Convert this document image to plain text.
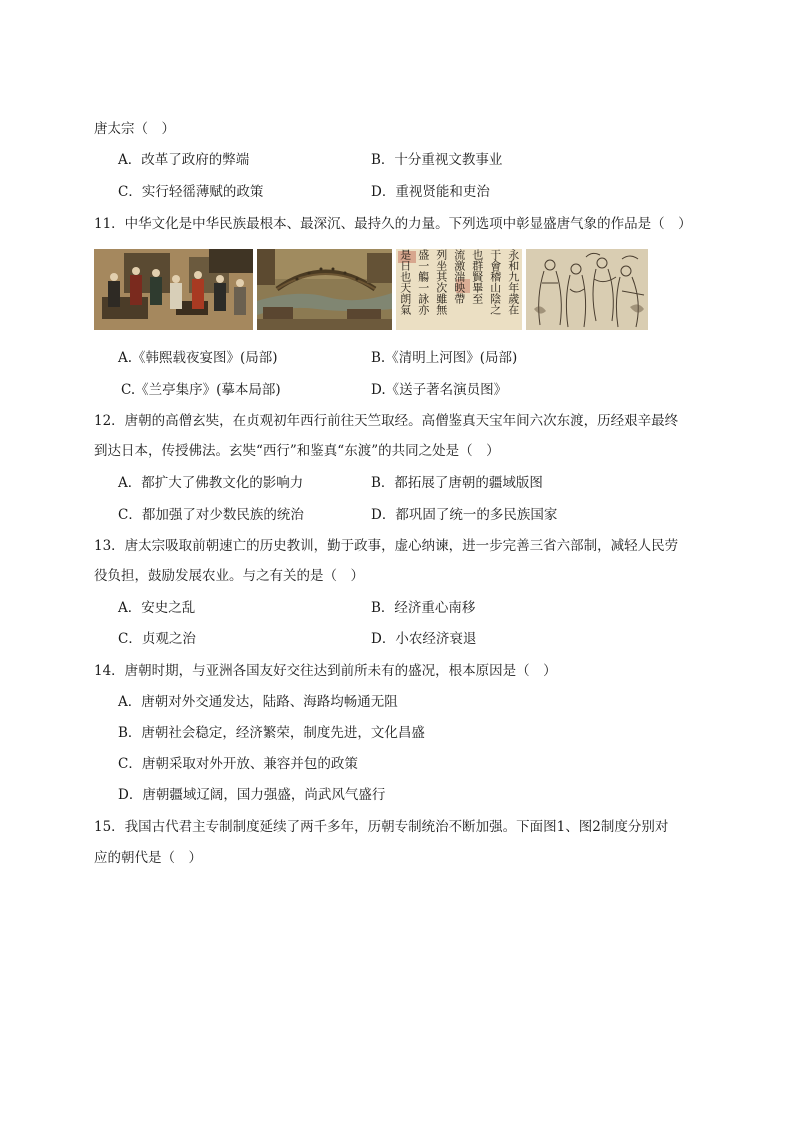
唐太宗（　）
A．改革了政府的弊端	B．十分重视文教事业
C．实行轻徭薄赋的政策	D．重视贤能和吏治
11．中华文化是中华民族最根本、最深沉、最持久的力量。下列选项中彰显盛唐气象的作品是（　）
永和九年歲在
于會稽山陰之
也群賢畢至
流激湍映帶
列坐其次雖無
盛一觴一詠亦
是日也天朗氣
A.《韩熙载夜宴图》(局部)	B.《清明上河图》(局部)
C.《兰亭集序》(摹本局部)	D.《送子著名演员图》
12．唐朝的高僧玄奘，在贞观初年西行前往天竺取经。高僧鉴真天宝年间六次东渡，历经艰辛最终
到达日本，传授佛法。玄奘“西行”和鉴真“东渡”的共同之处是（　）
A．都扩大了佛教文化的影响力	B．都拓展了唐朝的疆域版图
C．都加强了对少数民族的统治	D．都巩固了统一的多民族国家
13．唐太宗吸取前朝速亡的历史教训，勤于政事，虚心纳谏，进一步完善三省六部制，减轻人民劳
役负担，鼓励发展农业。与之有关的是（　）
A．安史之乱	B．经济重心南移
C．贞观之治	D．小农经济衰退
14．唐朝时期，与亚洲各国友好交往达到前所未有的盛况，根本原因是（　）
A．唐朝对外交通发达，陆路、海路均畅通无阻
B．唐朝社会稳定，经济繁荣，制度先进，文化昌盛
C．唐朝采取对外开放、兼容并包的政策
D．唐朝疆域辽阔，国力强盛，尚武风气盛行
15．我国古代君主专制制度延续了两千多年，历朝专制统治不断加强。下面图1、图2制度分别对
应的朝代是（　）
